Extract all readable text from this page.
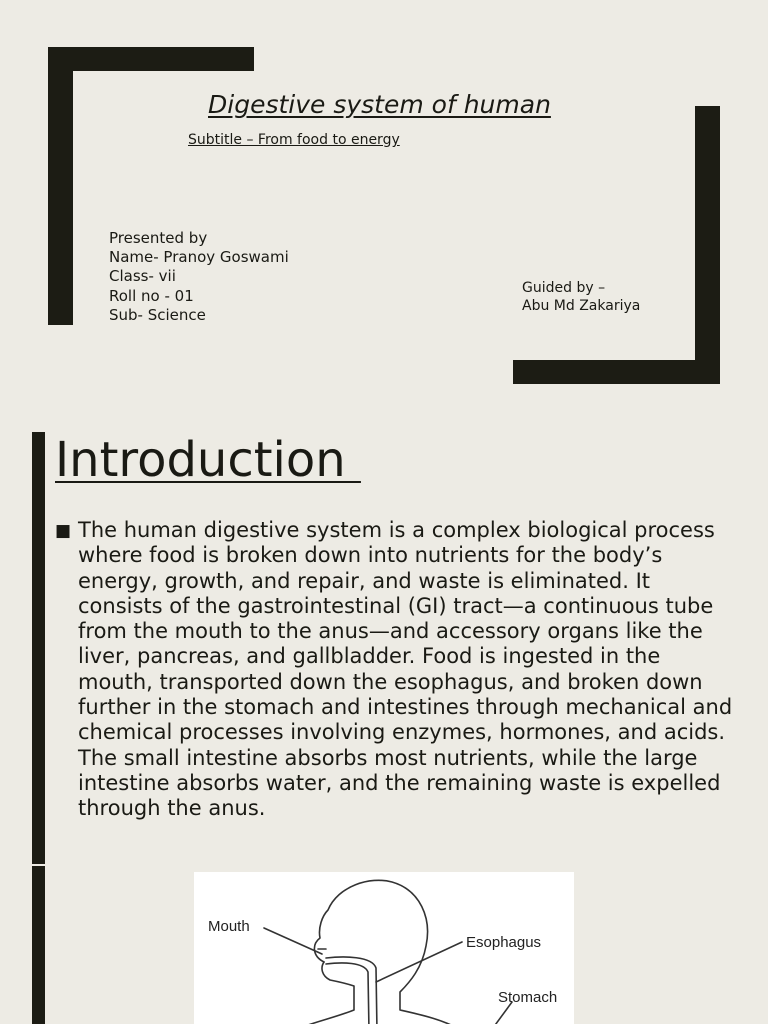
Digestive system of human
Subtitle – From food to energy
Presented by
Name- Pranoy Goswami
Class- vii
Roll no - 01
Sub- Science
Guided by –
Abu Md Zakariya
Introduction
■ The human digestive system is a complex biological process where food is broken down into nutrients for the body’s energy, growth, and repair, and waste is eliminated. It consists of the gastrointestinal (GI) tract—a continuous tube from the mouth to the anus—and accessory organs like the liver, pancreas, and gallbladder. Food is ingested in the mouth, transported down the esophagus, and broken down further in the stomach and intestines through mechanical and chemical processes involving enzymes, hormones, and acids. The small intestine absorbs most nutrients, while the large intestine absorbs water, and the remaining waste is expelled through the anus.
Mouth
Esophagus
Stomach
